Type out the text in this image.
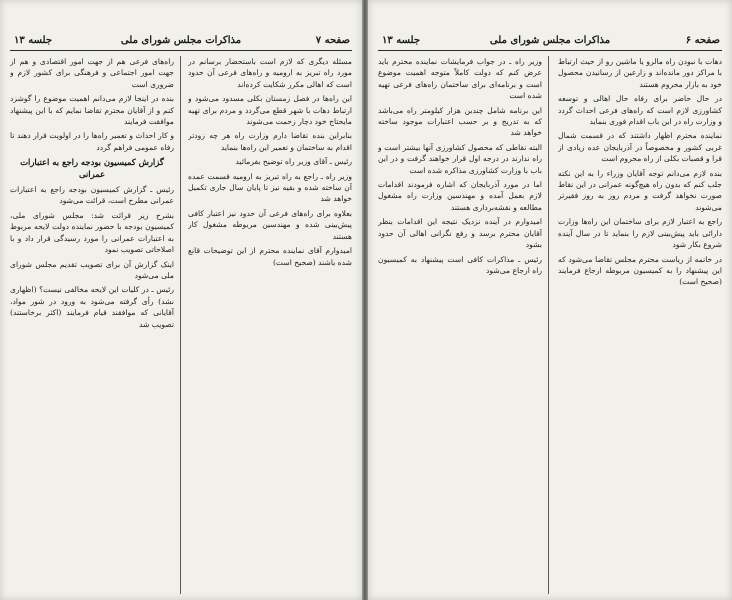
صفحه ۷
مذاکرات مجلس شورای ملی
جلسه ۱۳

مسئله دیگری که لازم است باستحضار برسانم در مورد راه تبریز به ارومیه و راه‌های فرعی آن حدود است که اهالی مکرر شکایت کرده‌اند

این راه‌ها در فصل زمستان بکلی مسدود می‌شود و ارتباط دهات با شهر قطع می‌گردد و مردم برای تهیه مایحتاج خود دچار زحمت می‌شوند

بنابراین بنده تقاضا دارم وزارت راه هر چه زودتر اقدام به ساختمان و تعمیر این راه‌ها بنماید

رئیس ـ آقای وزیر راه توضیح بفرمائید

وزیر راه ـ راجع به راه تبریز به ارومیه قسمت عمده آن ساخته شده و بقیه نیز تا پایان سال جاری تکمیل خواهد شد

بعلاوه برای راه‌های فرعی آن حدود نیز اعتبار کافی پیش‌بینی شده و مهندسین مربوطه مشغول کار هستند

امیدوارم آقای نماینده محترم از این توضیحات قانع شده باشند (صحیح است)

راه‌های فرعی هم از جهت امور اقتصادی و هم از جهت امور اجتماعی و فرهنگی برای کشور لازم و ضروری است

بنده در اینجا لازم می‌دانم اهمیت موضوع را گوشزد کنم و از آقایان محترم تقاضا نمایم که با این پیشنهاد موافقت فرمایند

و کار احداث و تعمیر راه‌ها را در اولویت قرار دهند تا رفاه عمومی فراهم گردد

گزارش کمیسیون بودجه راجع به اعتبارات عمرانی

رئیس ـ گزارش کمیسیون بودجه راجع به اعتبارات عمرانی مطرح است، قرائت می‌شود

بشرح زیر قرائت شد: مجلس شورای ملی، کمیسیون بودجه با حضور نماینده دولت لایحه مربوط به اعتبارات عمرانی را مورد رسیدگی قرار داد و با اصلاحاتی تصویب نمود

اینک گزارش آن برای تصویب تقدیم مجلس شورای ملی می‌شود

رئیس ـ در کلیات این لایحه مخالفی نیست؟ (اظهاری نشد) رأی گرفته می‌شود به ورود در شور مواد، آقایانی که موافقند قیام فرمایند (اکثر برخاستند) تصویب شد

صفحه ۶
مذاکرات مجلس شورای ملی
جلسه ۱۳

دهات با نبودن راه مالرو یا ماشین رو از حیث ارتباط با مراکز دور مانده‌اند و زارعین از رسانیدن محصول خود به بازار محروم هستند

در حال حاضر برای رفاه حال اهالی و توسعه کشاورزی لازم است که راه‌های فرعی احداث گردد و وزارت راه در این باب اقدام فوری بنماید

نماینده محترم اظهار داشتند که در قسمت شمال غربی کشور و مخصوصاً در آذربایجان عده زیادی از قرا و قصبات بکلی از راه محروم است

بنده لازم می‌دانم توجه آقایان وزراء را به این نکته جلب کنم که بدون راه هیچ‌گونه عمرانی در این نقاط صورت نخواهد گرفت و مردم روز به روز فقیرتر می‌شوند

راجع به اعتبار لازم برای ساختمان این راه‌ها وزارت دارائی باید پیش‌بینی لازم را بنماید تا در سال آینده شروع بکار شود

در خاتمه از ریاست محترم مجلس تقاضا می‌شود که این پیشنهاد را به کمیسیون مربوطه ارجاع فرمایند (صحیح است)

وزیر راه ـ در جواب فرمایشات نماینده محترم باید عرض کنم که دولت کاملاً متوجه اهمیت موضوع است و برنامه‌ای برای ساختمان راه‌های فرعی تهیه شده است

این برنامه شامل چندین هزار کیلومتر راه می‌باشد که به تدریج و بر حسب اعتبارات موجود ساخته خواهد شد

البته نقاطی که محصول کشاورزی آنها بیشتر است و راه ندارند در درجه اول قرار خواهند گرفت و در این باب با وزارت کشاورزی مذاکره شده است

اما در مورد آذربایجان که اشاره فرمودند اقدامات لازم بعمل آمده و مهندسین وزارت راه مشغول مطالعه و نقشه‌برداری هستند

امیدوارم در آینده نزدیک نتیجه این اقدامات بنظر آقایان محترم برسد و رفع نگرانی اهالی آن حدود بشود

رئیس ـ مذاکرات کافی است پیشنهاد به کمیسیون راه ارجاع می‌شود
